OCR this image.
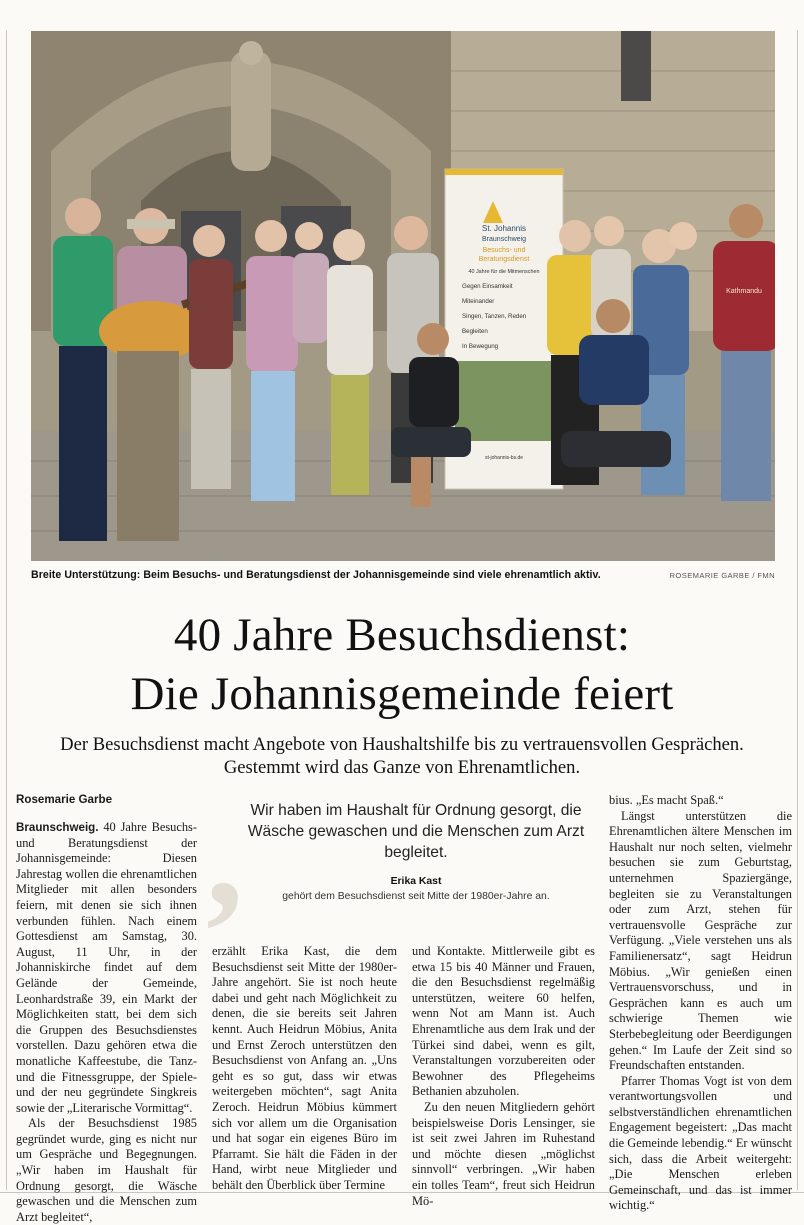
St. Johannis
Braunschweig
Besuchs- und
Beratungsdienst
40 Jahre für die Mitmenschen
Gegen Einsamkeit
Miteinander
Singen, Tanzen, Reden
Begleiten
In Bewegung
st-johannis-bs.de
Kathmandu
Breite Unterstützung: Beim Besuchs- und Beratungsdienst der Johannisgemeinde sind viele ehrenamtlich aktiv.	ROSEMARIE GARBE / FMN
40 Jahre Besuchsdienst:
Die Johannisgemeinde feiert
Der Besuchsdienst macht Angebote von Haushaltshilfe bis zu vertrauensvollen Gesprächen.
Gestemmt wird das Ganze von Ehrenamtlichen.
Rosemarie Garbe

Braunschweig. 40 Jahre Besuchs- und Beratungsdienst der Johannisgemeinde: Diesen Jahrestag wollen die ehrenamtlichen Mitglieder mit allen besonders feiern, mit denen sie sich ihnen verbunden fühlen. Nach einem Gottesdienst am Samstag, 30. August, 11 Uhr, in der Johanniskirche findet auf dem Gelände der Gemeinde, Leonhardstraße 39, ein Markt der Möglichkeiten statt, bei dem sich die Gruppen des Besuchsdienstes vorstellen. Dazu gehören etwa die monatliche Kaffeestube, die Tanz- und die Fitnessgruppe, der Spiele- und der neu gegründete Singkreis sowie der „Literarische Vormittag“.

Als der Besuchsdienst 1985 gegründet wurde, ging es nicht nur um Gespräche und Begegnungen. „Wir haben im Haushalt für Ordnung gesorgt, die Wäsche gewaschen und die Menschen zum Arzt begleitet“,

, Wir haben im Haushalt für Ordnung gesorgt, die Wäsche gewaschen und die Menschen zum Arzt begleitet.
Erika Kast
gehört dem Besuchsdienst seit Mitte der 1980er-Jahre an.

erzählt Erika Kast, die dem Besuchsdienst seit Mitte der 1980er-Jahre angehört. Sie ist noch heute dabei und geht nach Möglichkeit zu denen, die sie bereits seit Jahren kennt. Auch Heidrun Möbius, Anita und Ernst Zeroch unterstützen den Besuchsdienst von Anfang an. „Uns geht es so gut, dass wir etwas weitergeben möchten“, sagt Anita Zeroch. Heidrun Möbius kümmert sich vor allem um die Organisation und hat sogar ein eigenes Büro im Pfarramt. Sie hält die Fäden in der Hand, wirbt neue Mitglieder und behält den Überblick über Termine

und Kontakte. Mittlerweile gibt es etwa 15 bis 40 Männer und Frauen, die den Besuchsdienst regelmäßig unterstützen, weitere 60 helfen, wenn Not am Mann ist. Auch Ehrenamtliche aus dem Irak und der Türkei sind dabei, wenn es gilt, Veranstaltungen vorzubereiten oder Bewohner des Pflegeheims Bethanien abzuholen.

Zu den neuen Mitgliedern gehört beispielsweise Doris Lensinger, sie ist seit zwei Jahren im Ruhestand und möchte diesen „möglichst sinnvoll“ verbringen. „Wir haben ein tolles Team“, freut sich Heidrun Mö-

bius. „Es macht Spaß.“

Längst unterstützen die Ehrenamtlichen ältere Menschen im Haushalt nur noch selten, vielmehr besuchen sie zum Geburtstag, unternehmen Spaziergänge, begleiten sie zu Veranstaltungen oder zum Arzt, stehen für vertrauensvolle Gespräche zur Verfügung. „Viele verstehen uns als Familienersatz“, sagt Heidrun Möbius. „Wir genießen einen Vertrauensvorschuss, und in Gesprächen kann es auch um schwierige Themen wie Sterbebegleitung oder Beerdigungen gehen.“ Im Laufe der Zeit sind so Freundschaften entstanden.

Pfarrer Thomas Vogt ist von dem verantwortungsvollen und selbstverständlichen ehrenamtlichen Engagement begeistert: „Das macht die Gemeinde lebendig.“ Er wünscht sich, dass die Arbeit weitergeht: „Die Menschen erleben Gemeinschaft, und das ist immer wichtig.“
